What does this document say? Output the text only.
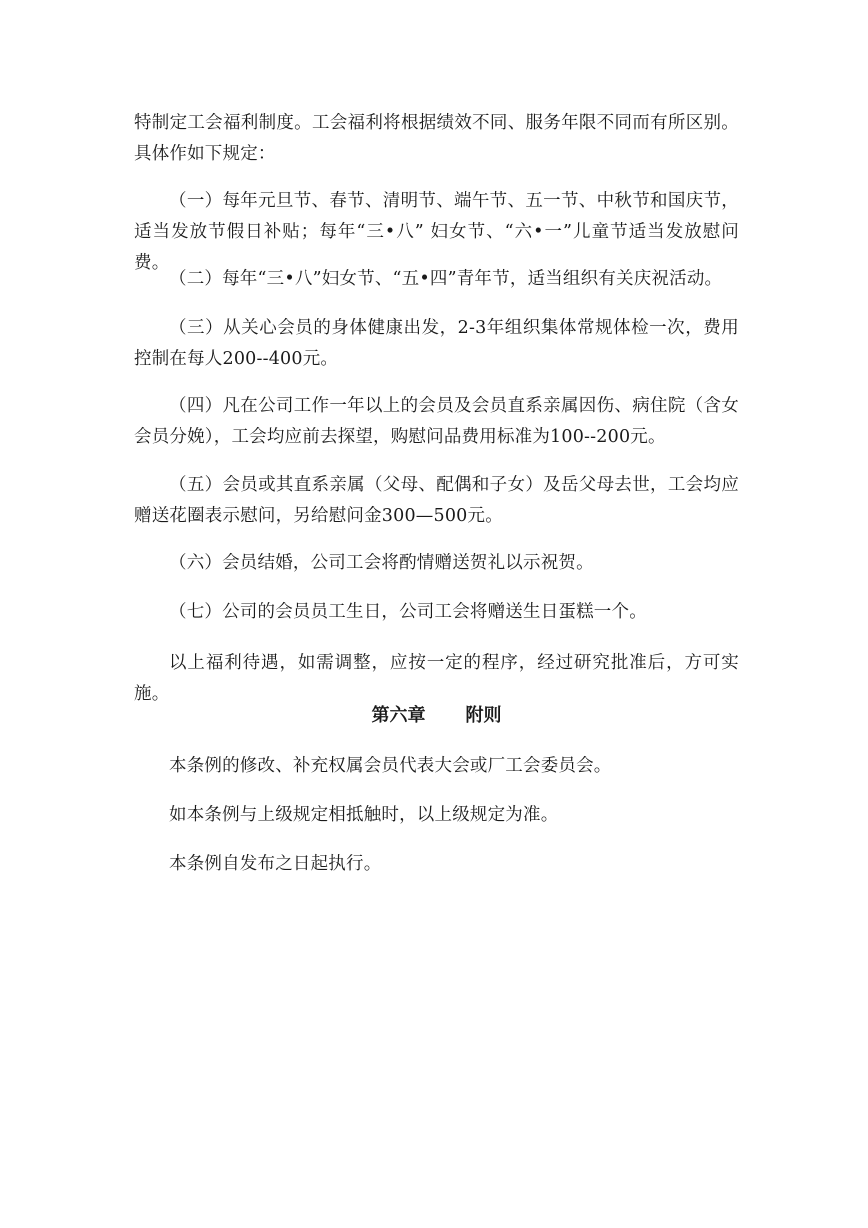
特制定工会福利制度。工会福利将根据绩效不同、服务年限不同而有所区别。具体作如下规定：

（一）每年元旦节、春节、清明节、端午节、五一节、中秋节和国庆节，适当发放节假日补贴；每年“三•八” 妇女节、“六•一”儿童节适当发放慰问费。

（二）每年“三•八”妇女节、“五•四”青年节，适当组织有关庆祝活动。

（三）从关心会员的身体健康出发，2-3年组织集体常规体检一次，费用控制在每人200--400元。

（四）凡在公司工作一年以上的会员及会员直系亲属因伤、病住院（含女会员分娩），工会均应前去探望，购慰问品费用标准为100--200元。

（五）会员或其直系亲属（父母、配偶和子女）及岳父母去世，工会均应赠送花圈表示慰问，另给慰问金300—500元。

（六）会员结婚，公司工会将酌情赠送贺礼以示祝贺。

（七）公司的会员员工生日，公司工会将赠送生日蛋糕一个。

以上福利待遇，如需调整，应按一定的程序，经过研究批准后，方可实施。

第六章 附则

本条例的修改、补充权属会员代表大会或厂工会委员会。

如本条例与上级规定相抵触时，以上级规定为准。

本条例自发布之日起执行。
